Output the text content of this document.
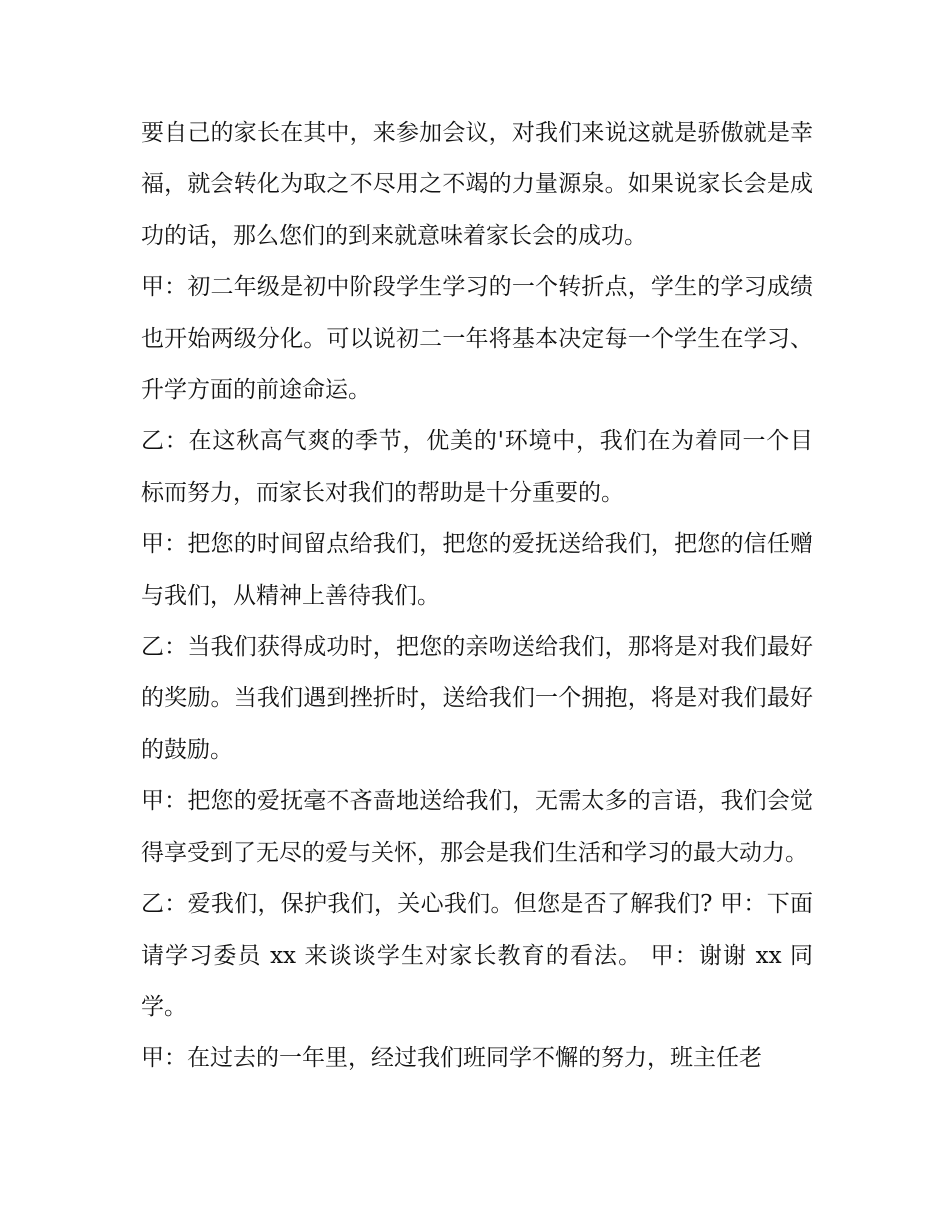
要自己的家长在其中，来参加会议，对我们来说这就是骄傲就是幸福，就会转化为取之不尽用之不竭的力量源泉。如果说家长会是成功的话，那么您们的到来就意味着家长会的成功。

甲：初二年级是初中阶段学生学习的一个转折点，学生的学习成绩也开始两级分化。可以说初二一年将基本决定每一个学生在学习、升学方面的前途命运。

乙：在这秋高气爽的季节，优美的'环境中，我们在为着同一个目标而努力，而家长对我们的帮助是十分重要的。

甲：把您的时间留点给我们，把您的爱抚送给我们，把您的信任赠与我们，从精神上善待我们。

乙：当我们获得成功时，把您的亲吻送给我们，那将是对我们最好的奖励。当我们遇到挫折时，送给我们一个拥抱，将是对我们最好的鼓励。

甲：把您的爱抚毫不吝啬地送给我们，无需太多的言语，我们会觉得享受到了无尽的爱与关怀，那会是我们生活和学习的最大动力。

乙：爱我们，保护我们，关心我们。但您是否了解我们? 甲：下面请学习委员 xx 来谈谈学生对家长教育的看法。 甲：谢谢 xx 同学。

甲：在过去的一年里，经过我们班同学不懈的努力，班主任老
